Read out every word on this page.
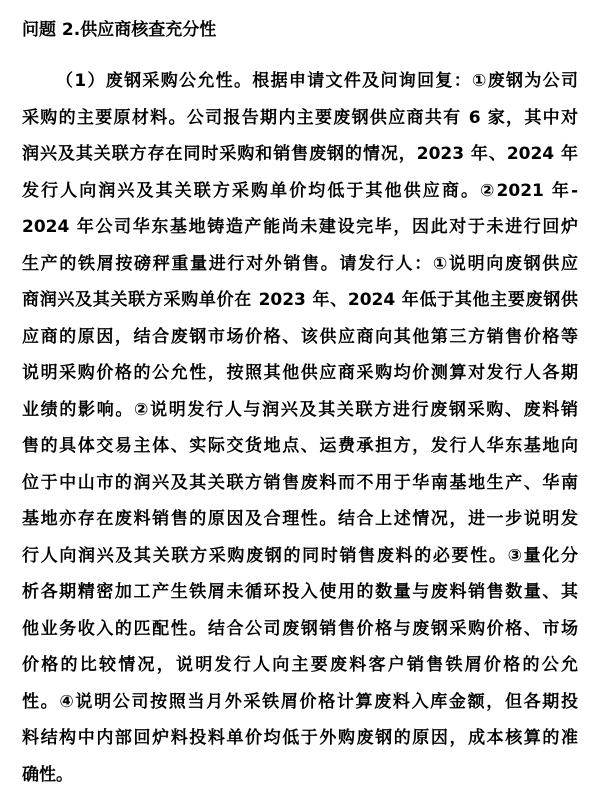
问题 2.供应商核查充分性
（1）废钢采购公允性。根据申请文件及问询回复：①废钢为公司
采购的主要原材料。公司报告期内主要废钢供应商共有 6 家，其中对
润兴及其关联方存在同时采购和销售废钢的情况，2023 年、2024 年
发行人向润兴及其关联方采购单价均低于其他供应商。②2021 年-
2024 年公司华东基地铸造产能尚未建设完毕，因此对于未进行回炉
生产的铁屑按磅秤重量进行对外销售。请发行人：①说明向废钢供应
商润兴及其关联方采购单价在 2023 年、2024 年低于其他主要废钢供
应商的原因，结合废钢市场价格、该供应商向其他第三方销售价格等
说明采购价格的公允性，按照其他供应商采购均价测算对发行人各期
业绩的影响。②说明发行人与润兴及其关联方进行废钢采购、废料销
售的具体交易主体、实际交货地点、运费承担方，发行人华东基地向
位于中山市的润兴及其关联方销售废料而不用于华南基地生产、华南
基地亦存在废料销售的原因及合理性。结合上述情况，进一步说明发
行人向润兴及其关联方采购废钢的同时销售废料的必要性。③量化分
析各期精密加工产生铁屑未循环投入使用的数量与废料销售数量、其
他业务收入的匹配性。结合公司废钢销售价格与废钢采购价格、市场
价格的比较情况，说明发行人向主要废料客户销售铁屑价格的公允
性。④说明公司按照当月外采铁屑价格计算废料入库金额，但各期投
料结构中内部回炉料投料单价均低于外购废钢的原因，成本核算的准
确性。
